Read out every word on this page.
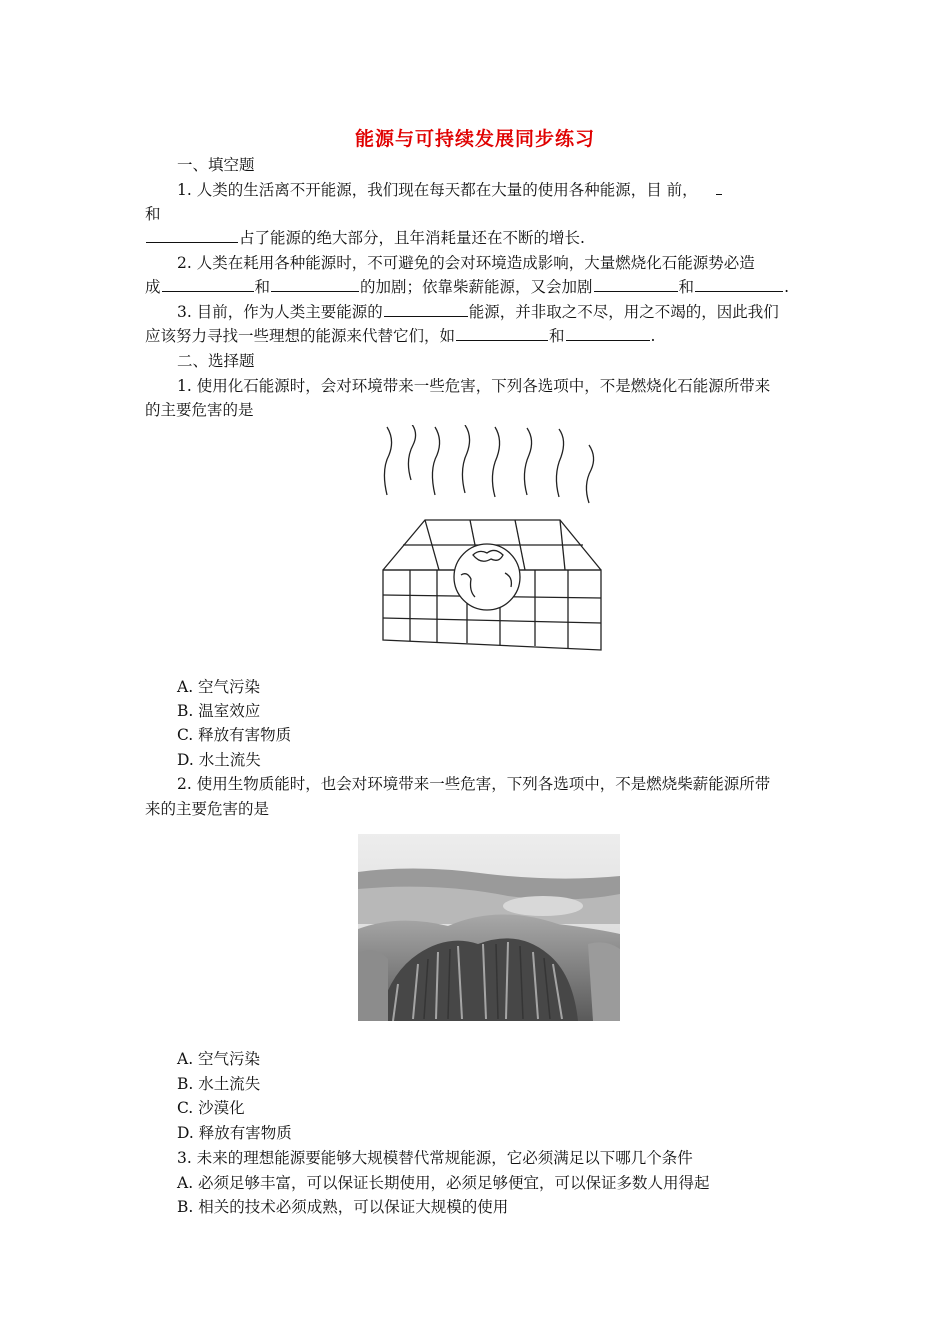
能源与可持续发展同步练习
一、填空题
1. 人类的生活离不开能源，我们现在每天都在大量的使用各种能源，目 前，
和
占了能源的绝大部分，且年消耗量还在不断的增长.
2. 人类在耗用各种能源时，不可避免的会对环境造成影响，大量燃烧化石能源势必造
成	和	的加剧；依靠柴薪能源，又会加剧	和	.
3. 目前，作为人类主要能源的	能源，并非取之不尽，用之不竭的，因此我们
应该努力寻找一些理想的能源来代替它们，如	和	.
二、选择题
1. 使用化石能源时，会对环境带来一些危害，下列各选项中，不是燃烧化石能源所带来
的主要危害的是
A. 空气污染
B. 温室效应
C. 释放有害物质
D. 水土流失
2. 使用生物质能时，也会对环境带来一些危害，下列各选项中，不是燃烧柴薪能源所带
来的主要危害的是
A. 空气污染
B. 水土流失
C. 沙漠化
D. 释放有害物质
3. 未来的理想能源要能够大规模替代常规能源，它必须满足以下哪几个条件
A. 必须足够丰富，可以保证长期使用，必须足够便宜，可以保证多数人用得起
B. 相关的技术必须成熟，可以保证大规模的使用
